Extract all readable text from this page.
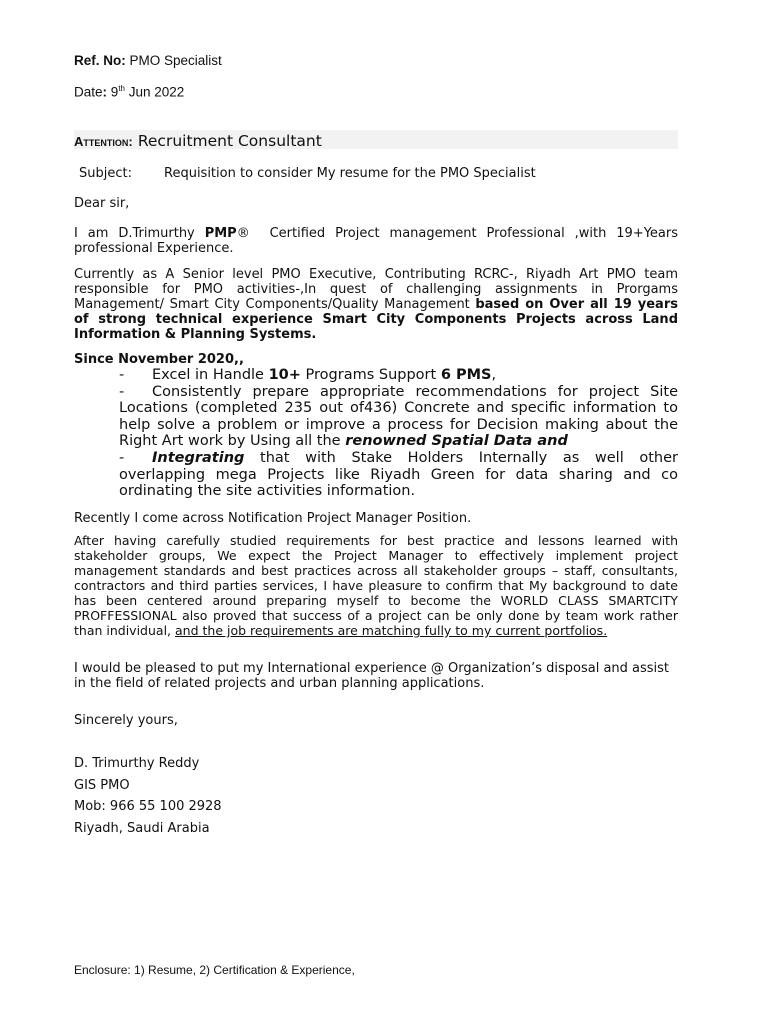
Ref. No: PMO Specialist
Date: 9th Jun 2022
Attention: Recruitment Consultant
Subject: Requisition to consider My resume for the PMO Specialist
Dear sir,
I am D.Trimurthy PMP® Certified Project management Professional ,with 19+Years professional Experience.
Currently as A Senior level PMO Executive, Contributing RCRC-, Riyadh Art PMO team responsible for PMO activities-,In quest of challenging assignments in Prorgams Management/ Smart City Components/Quality Management based on Over all 19 years of strong technical experience Smart City Components Projects across Land Information & Planning Systems.
Since November 2020,,
- Excel in Handle 10+ Programs Support 6 PMS,
- Consistently prepare appropriate recommendations for project Site Locations (completed 235 out of436) Concrete and specific information to help solve a problem or improve a process for Decision making about the Right Art work by Using all the renowned Spatial Data and
- Integrating that with Stake Holders Internally as well other overlapping mega Projects like Riyadh Green for data sharing and co ordinating the site activities information.
Recently I come across Notification Project Manager Position.
After having carefully studied requirements for best practice and lessons learned with stakeholder groups, We expect the Project Manager to effectively implement project management standards and best practices across all stakeholder groups – staff, consultants, contractors and third parties services, I have pleasure to confirm that My background to date has been centered around preparing myself to become the WORLD CLASS SMARTCITY PROFFESSIONAL also proved that success of a project can be only done by team work rather than individual, and the job requirements are matching fully to my current portfolios.
I would be pleased to put my International experience @ Organization’s disposal and assist in the field of related projects and urban planning applications.
Sincerely yours,
D. Trimurthy Reddy
GIS PMO
Mob: 966 55 100 2928
Riyadh, Saudi Arabia
Enclosure: 1) Resume, 2) Certification & Experience,
